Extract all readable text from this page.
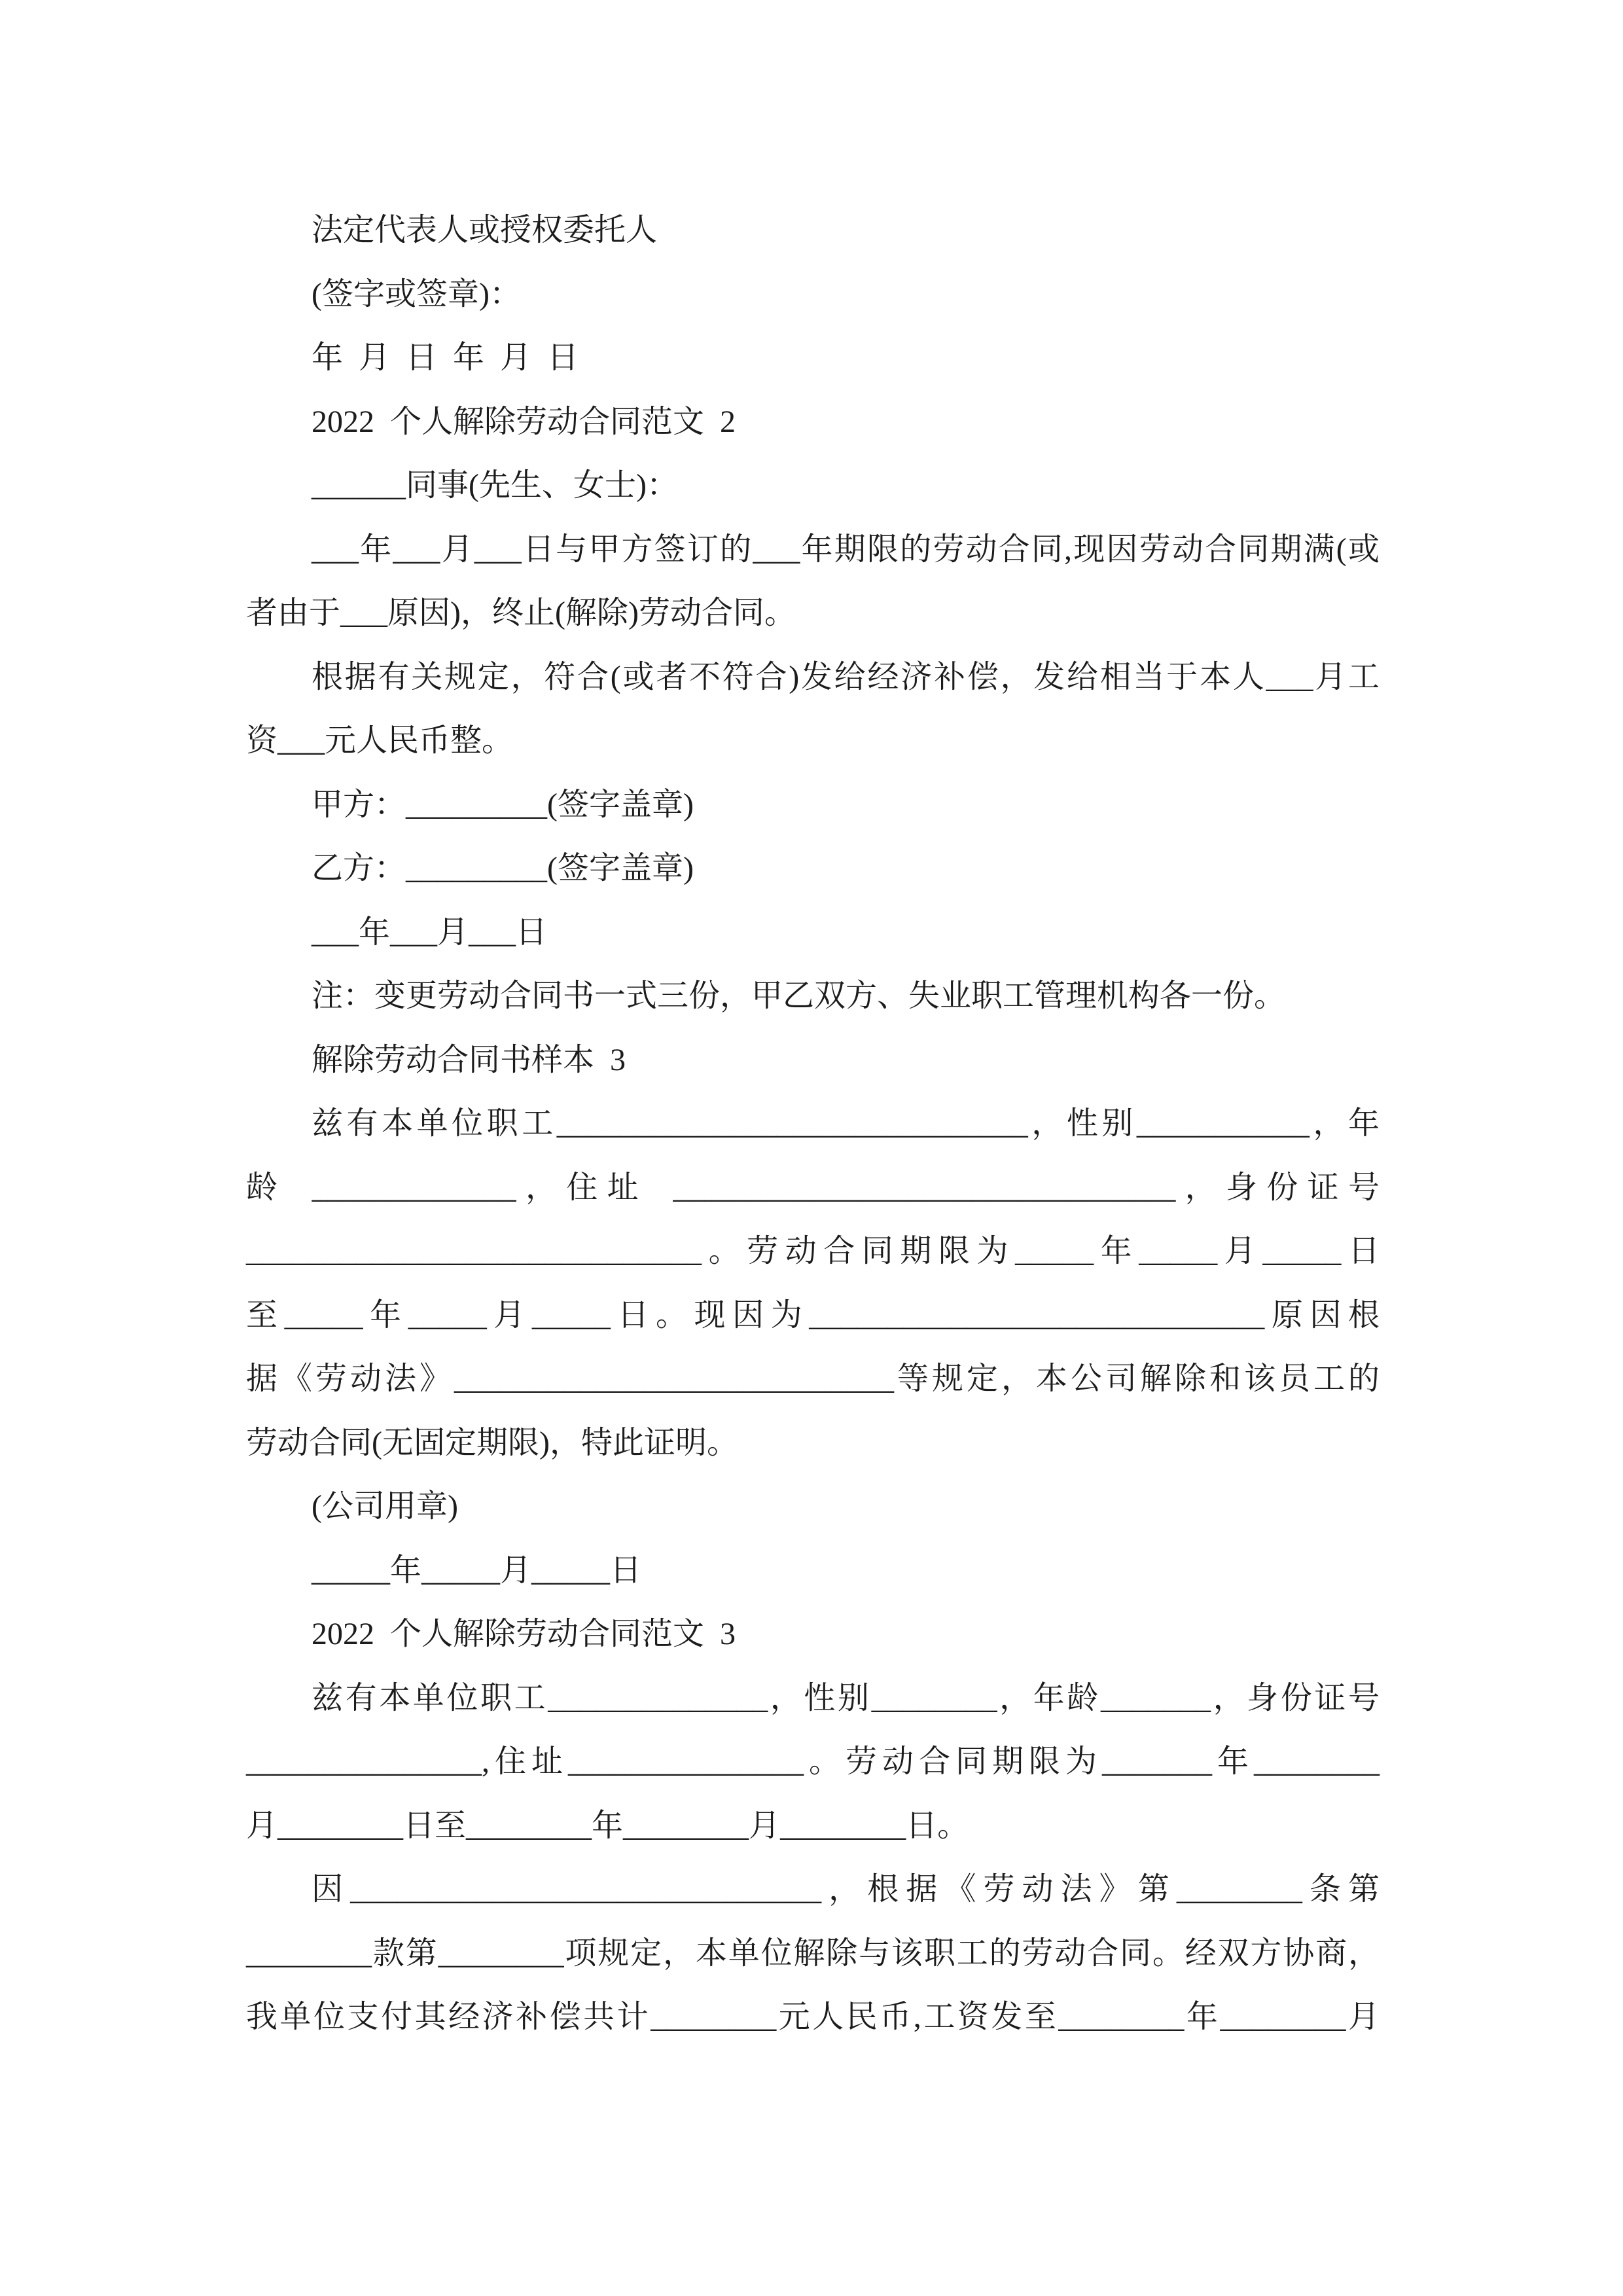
法定代表人或授权委托人
(签字或签章)：
年 月 日 年 月 日
2022 个人解除劳动合同范文 2
______同事(先生、女士)：
___年___月___日与甲方签订的___年期限的劳动合同,现因劳动合同期满(或
者由于___原因)，终止(解除)劳动合同。
根据有关规定，符合(或者不符合)发给经济补偿，发给相当于本人___月工
资___元人民币整。
甲方：_________(签字盖章)
乙方：_________(签字盖章)
___年___月___日
注：变更劳动合同书一式三份，甲乙双方、失业职工管理机构各一份。
解除劳动合同书样本 3
兹有本单位职工______________________________，性别___________，年
龄 _____________，住址 ________________________________，身份证号
_____________________________。劳动合同期限为_____年_____月_____日
至_____年_____月_____日。现因为_____________________________原因根
据《劳动法》____________________________等规定，本公司解除和该员工的
劳动合同(无固定期限)，特此证明。
(公司用章)
_____年_____月_____日
2022 个人解除劳动合同范文 3
兹有本单位职工______________，性别________，年龄_______，身份证号
_______________,住址_______________。劳动合同期限为_______年________
月________日至________年________月________日。
因______________________________，根据《劳动法》第________条第
________款第________项规定，本单位解除与该职工的劳动合同。经双方协商，
我单位支付其经济补偿共计________元人民币,工资发至________年________月
